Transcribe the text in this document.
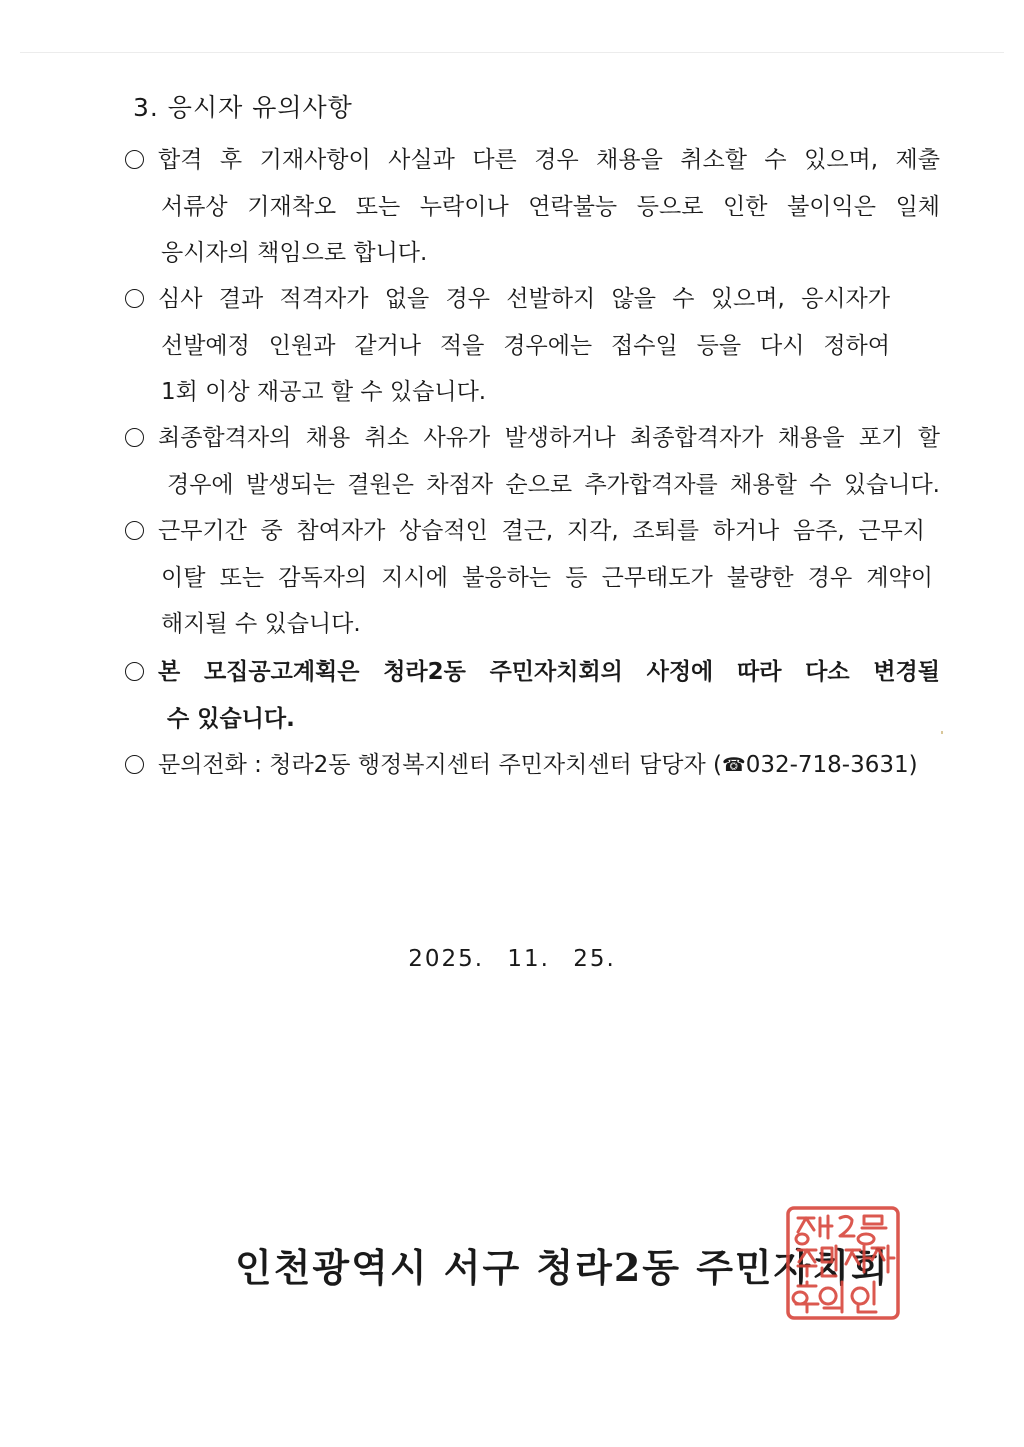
3. 응시자 유의사항
합격 후 기재사항이 사실과 다른 경우 채용을 취소할 수 있으며, 제출
서류상 기재착오 또는 누락이나 연락불능 등으로 인한 불이익은 일체
응시자의 책임으로 합니다.
심사 결과 적격자가 없을 경우 선발하지 않을 수 있으며, 응시자가
선발예정 인원과 같거나 적을 경우에는 접수일 등을 다시 정하여
1회 이상 재공고 할 수 있습니다.
최종합격자의 채용 취소 사유가 발생하거나 최종합격자가 채용을 포기 할
경우에 발생되는 결원은 차점자 순으로 추가합격자를 채용할 수 있습니다.
근무기간 중 참여자가 상습적인 결근, 지각, 조퇴를 하거나 음주, 근무지
이탈 또는 감독자의 지시에 불응하는 등 근무태도가 불량한 경우 계약이
해지될 수 있습니다.
본 모집공고계획은 청라2동 주민자치회의 사정에 따라 다소 변경될
수 있습니다.
문의전화 : 청라2동 행정복지센터 주민자치센터 담당자 (☎032-718-3631)
2025. 11. 25.
인천광역시 서구 청라2동 주민자치회
청라2동주민자치회인
